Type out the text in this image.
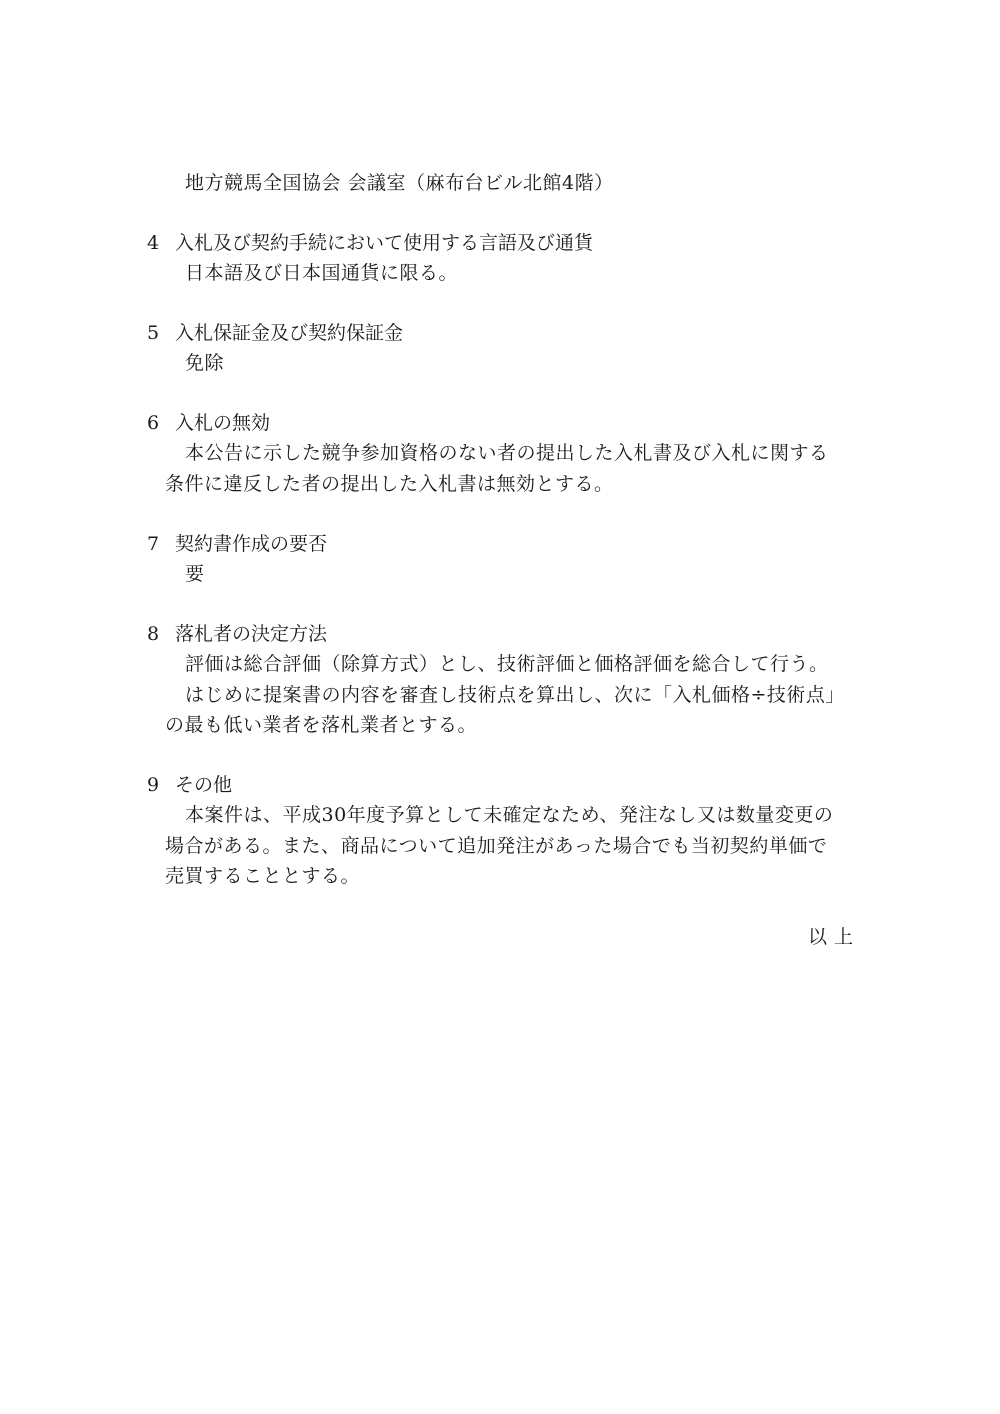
地方競馬全国協会 会議室（麻布台ビル北館4階）
4 入札及び契約手続において使用する言語及び通貨
日本語及び日本国通貨に限る。
5 入札保証金及び契約保証金
免除
6 入札の無効
本公告に示した競争参加資格のない者の提出した入札書及び入札に関する
条件に違反した者の提出した入札書は無効とする。
7 契約書作成の要否
要
8 落札者の決定方法
評価は総合評価（除算方式）とし、技術評価と価格評価を総合して行う。
はじめに提案書の内容を審査し技術点を算出し、次に「入札価格÷技術点」
の最も低い業者を落札業者とする。
9 その他
本案件は、平成30年度予算として未確定なため、発注なし又は数量変更の
場合がある。また、商品について追加発注があった場合でも当初契約単価で
売買することとする。
以 上
